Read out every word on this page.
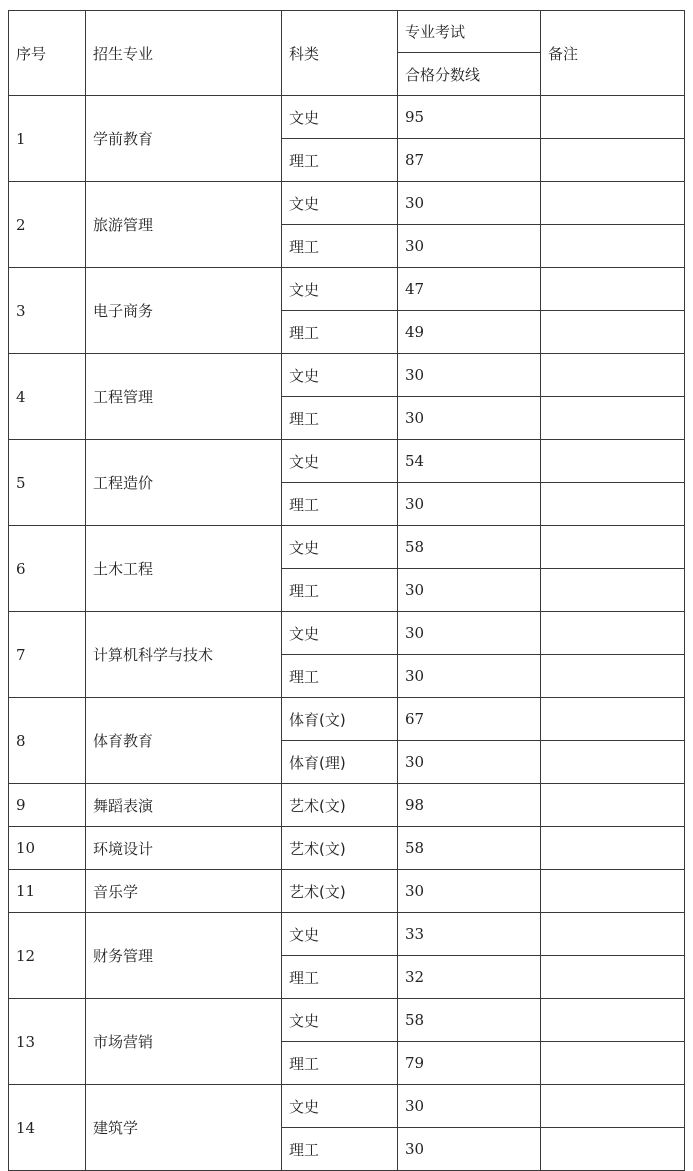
序号	招生专业	科类	专业考试	备注
			合格分数线	
1	学前教育	文史	95	
		理工	87	
2	旅游管理	文史	30	
		理工	30	
3	电子商务	文史	47	
		理工	49	
4	工程管理	文史	30	
		理工	30	
5	工程造价	文史	54	
		理工	30	
6	土木工程	文史	58	
		理工	30	
7	计算机科学与技术	文史	30	
		理工	30	
8	体育教育	体育(文)	67	
		体育(理)	30	
9	舞蹈表演	艺术(文)	98	
10	环境设计	艺术(文)	58	
11	音乐学	艺术(文)	30	
12	财务管理	文史	33	
		理工	32	
13	市场营销	文史	58	
		理工	79	
14	建筑学	文史	30	
		理工	30	
